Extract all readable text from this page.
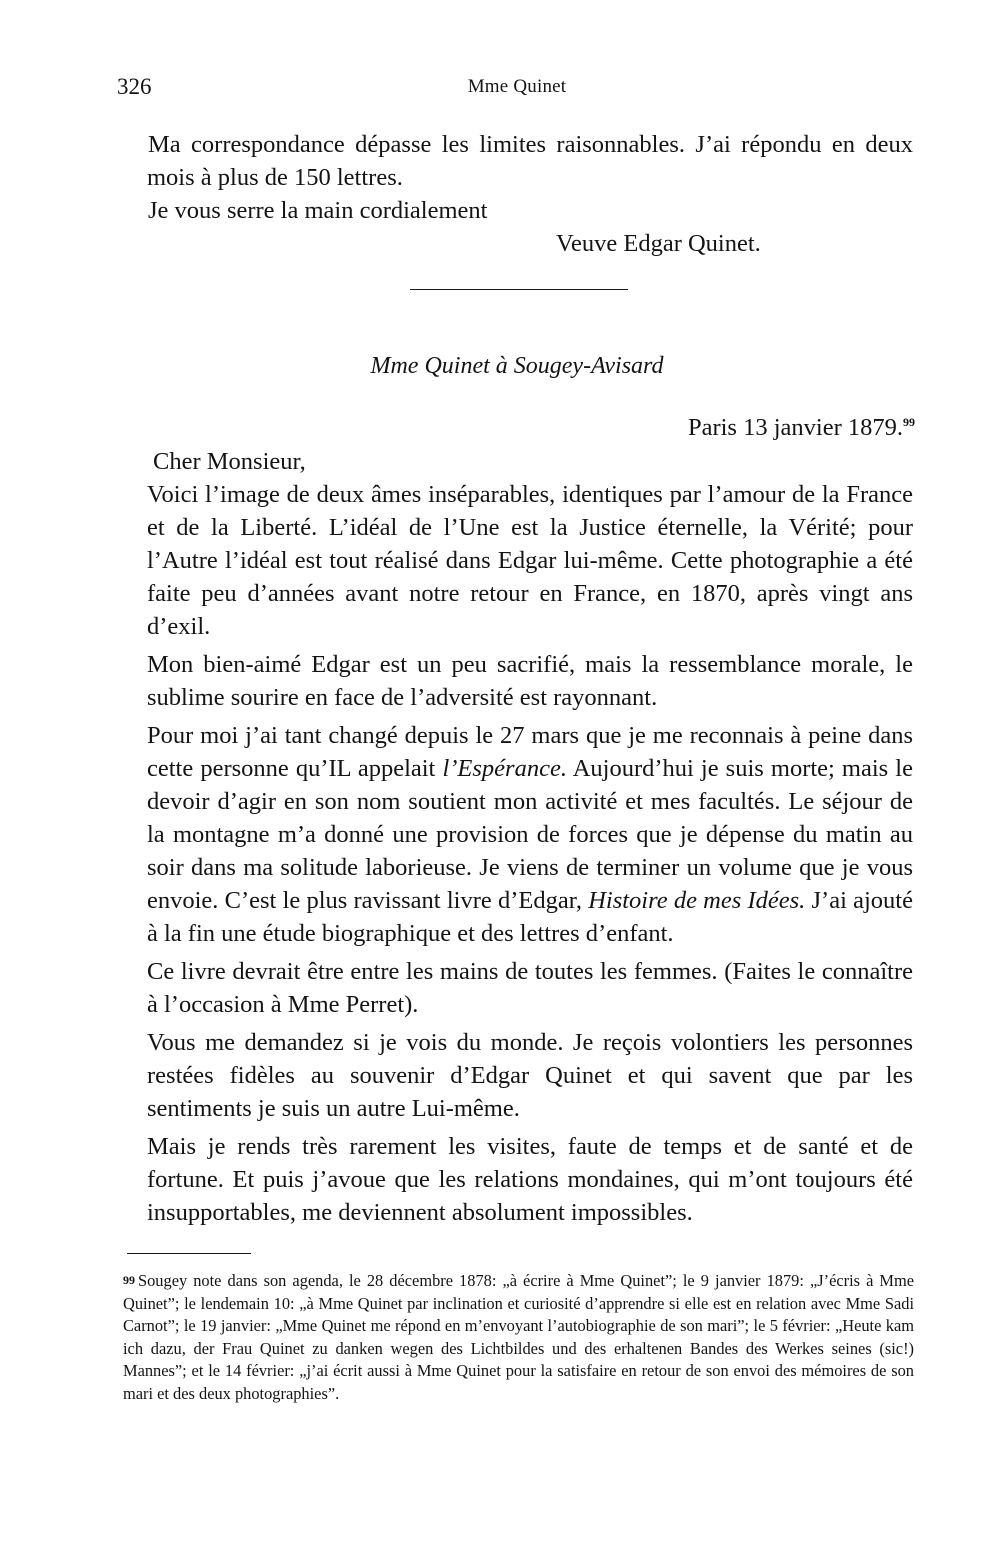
326	Mme Quinet

Ma correspondance dépasse les limites raisonnables. J’ai répondu en deux mois à plus de 150 lettres.

Je vous serre la main cordialement

Veuve Edgar Quinet.
Mme Quinet à Sougey-Avisard
Paris 13 janvier 1879.99

Cher Monsieur,

Voici l’image de deux âmes inséparables, identiques par l’amour de la France et de la Liberté. L’idéal de l’Une est la Justice éternelle, la Vérité; pour l’Autre l’idéal est tout réalisé dans Edgar lui-même. Cette photographie a été faite peu d’années avant notre retour en France, en 1870, après vingt ans d’exil.

Mon bien-aimé Edgar est un peu sacrifié, mais la ressemblance morale, le sublime sourire en face de l’adversité est rayonnant.

Pour moi j’ai tant changé depuis le 27 mars que je me reconnais à peine dans cette personne qu’IL appelait l’Espérance. Aujourd’hui je suis morte; mais le devoir d’agir en son nom soutient mon activité et mes facultés. Le séjour de la montagne m’a donné une provision de forces que je dépense du matin au soir dans ma solitude laborieuse. Je viens de terminer un volume que je vous envoie. C’est le plus ravissant livre d’Edgar, Histoire de mes Idées. J’ai ajouté à la fin une étude biographique et des lettres d’enfant.

Ce livre devrait être entre les mains de toutes les femmes. (Faites le connaître à l’occasion à Mme Perret).

Vous me demandez si je vois du monde. Je reçois volontiers les personnes restées fidèles au souvenir d’Edgar Quinet et qui savent que par les sentiments je suis un autre Lui-même.

Mais je rends très rarement les visites, faute de temps et de santé et de fortune. Et puis j’avoue que les relations mondaines, qui m’ont toujours été insupportables, me deviennent absolument impossibles.

$^{99}$ Sougey note dans son agenda, le 28 décembre 1878: „à écrire à Mme Quinet”; le 9 janvier 1879: „J’écris à Mme Quinet”; le lendemain 10: „à Mme Quinet par inclination et curiosité d’apprendre si elle est en relation avec Mme Sadi Carnot”; le 19 janvier: „Mme Quinet me répond en m’envoyant l’autobiographie de son mari”; le 5 février: „Heute kam ich dazu, der Frau Quinet zu danken wegen des Lichtbildes und des erhaltenen Bandes des Werkes seines (sic!) Mannes”; et le 14 février: „j’ai écrit aussi à Mme Quinet pour la satisfaire en retour de son envoi des mémoires de son mari et des deux photographies”.
